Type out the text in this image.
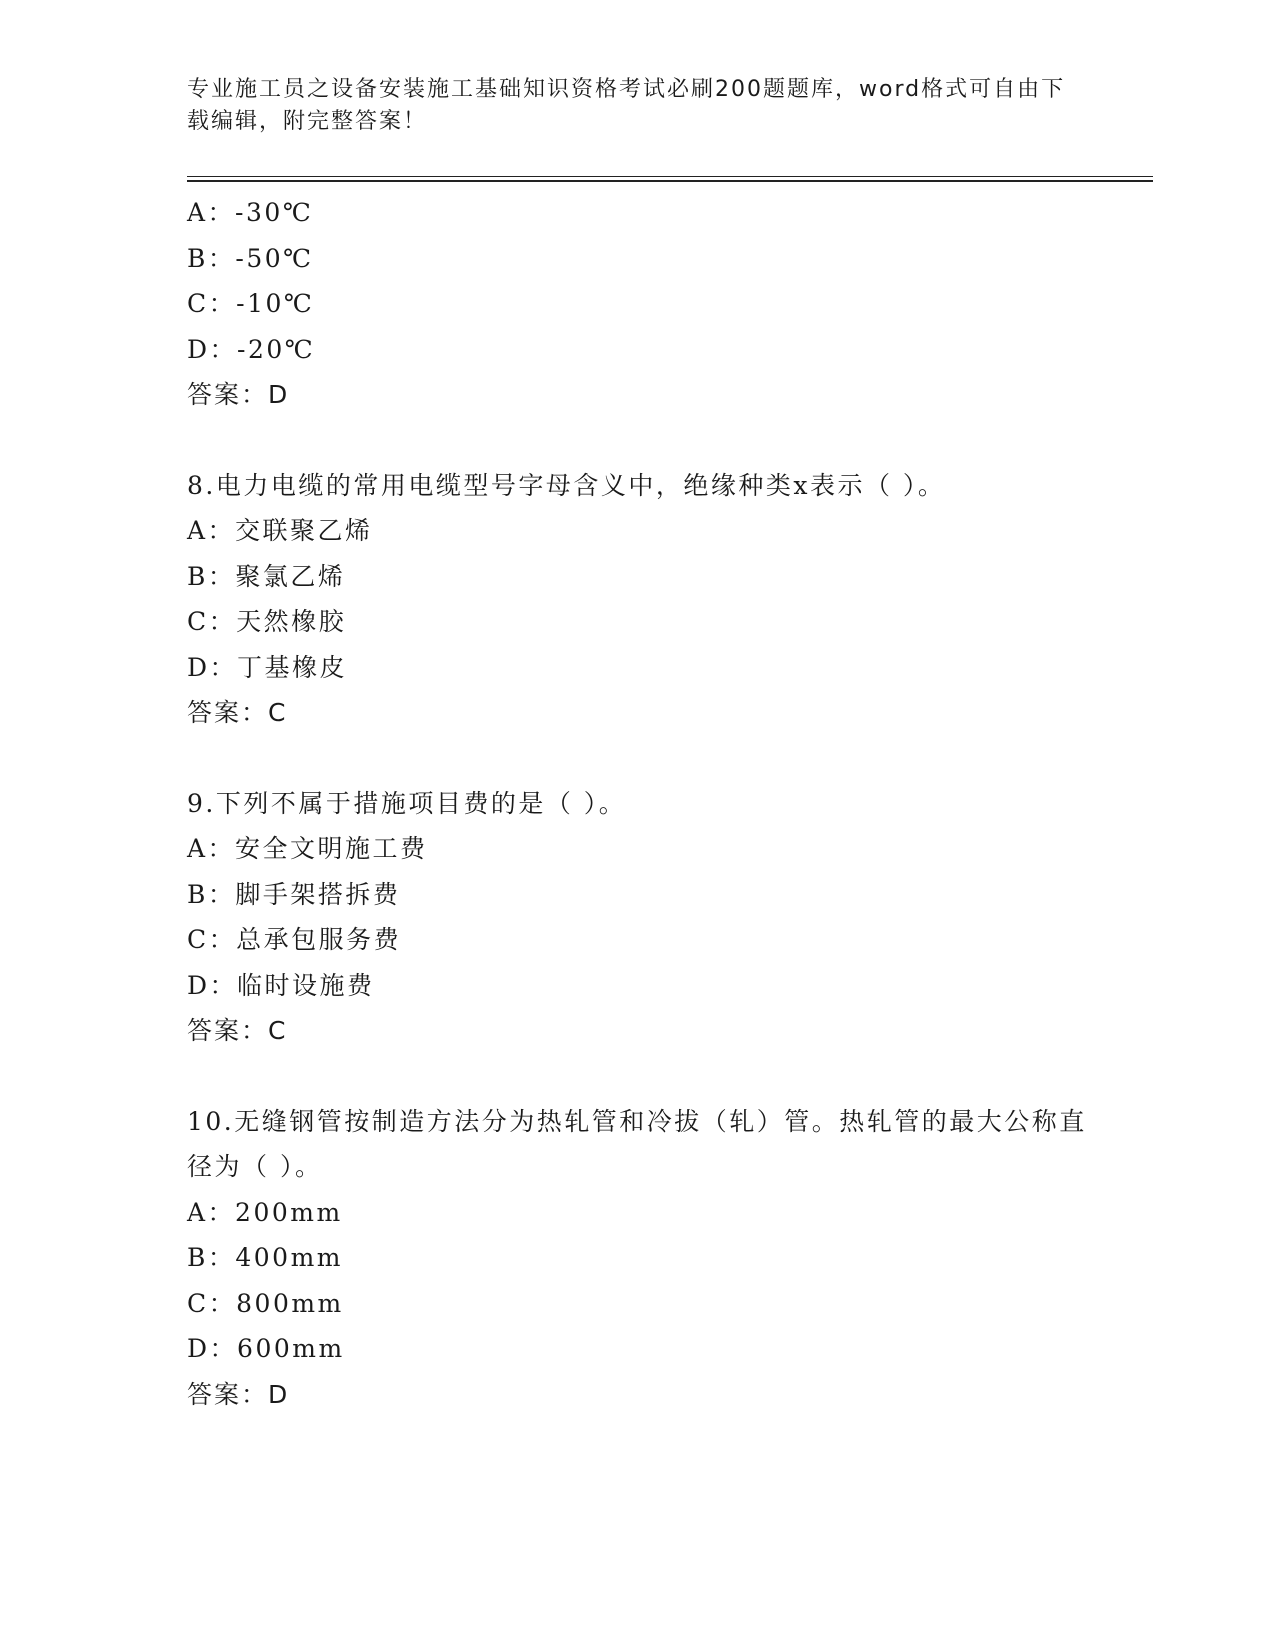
专业施工员之设备安装施工基础知识资格考试必刷200题题库，word格式可自由下载编辑，附完整答案！
A：-30℃
B：-50℃
C：-10℃
D：-20℃
答案：D
8.电力电缆的常用电缆型号字母含义中，绝缘种类x表示（ ）。
A：交联聚乙烯
B：聚氯乙烯
C：天然橡胶
D：丁基橡皮
答案：C
9.下列不属于措施项目费的是（ ）。
A：安全文明施工费
B：脚手架搭拆费
C：总承包服务费
D：临时设施费
答案：C
10.无缝钢管按制造方法分为热轧管和冷拔（轧）管。热轧管的最大公称直径为（ ）。
A：200mm
B：400mm
C：800mm
D：600mm
答案：D
